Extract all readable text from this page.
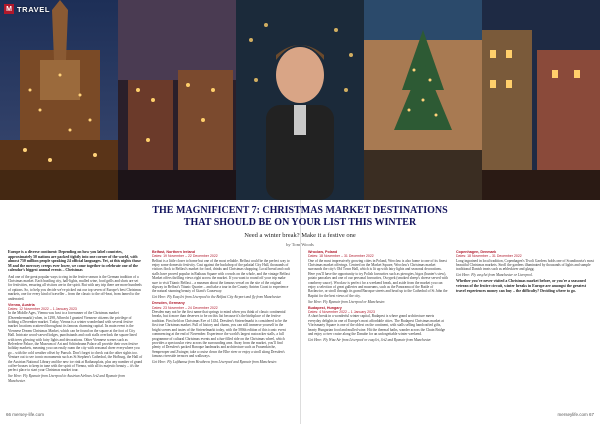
M TRAVEL
THE MAGNIFICENT 7: CHRISTMAS MARKET DESTINATIONS
THAT SHOULD BE ON YOUR LIST THIS WINTER
Need a winter break? Make it a festive one
by Tom Woods

Europe is a diverse continent: Depending on how you label countries, approximately 50 nations are packed tightly into one corner of the world, with almost 750 million people speaking 24 official languages. Yet, at this nights those M and the mercury creeps ever lower, we come together to celebrate one of the calendar's biggest annual events – Christmas

And one of the great popular ways to ring in the festive season is the German tradition of a Christmas market. Each bustling city, hall-lights, mulled wine, food grills and shots are set for festivities, ensuring all visitors are in the spirit. But with any trip there are more hundreds of options. So, to help you decide we've picked out our top seven of Europe's best Christmas markets, one for every kind of traveller – from the classic to the off-beat, from famed to the underrated.

Vienna, Austria
Dates: 12 November 2022 – 1 January 2023

In the Middle Ages, Vienna was host to a forerunner of the Christmas market (Dezembermarkt) when, in 1298, Albrecht I granted Viennese citizens the privilege of holding a December market. Today, Vienna is a winter wonderland with several festive market locations scattered throughout its famous charming capital. Its main event is the Viennese Dream Christmas Market, which can be found on the square at the foot of City Hall. Intricate wood-carved lodges, punchstands and craft stalls overlook the square lined with trees glowing with fairy lights and decorations. Other Viennese scenes such as Belvedere Palace, the Museum of Art and Schönbrunn Palace all provide their own festive holiday markets, meaning you can easily roam the city with seasonal cheer everywhere you go – with the cold weather offset by Punsch. Don't forget to check out the other sights too. Venture out to see iconic monuments such as St Stephen's Cathedral, the Hofburg, the Hall of the Austrian National Library and the new ice rink at Rathausplatz, plus any number of grand coffee-houses to keep in tune with the spirit of Vienna, with all its majestic beauty – it's the perfect place to start your Christmas market tour.

See Here: Fly Ryanair from Liverpool to Austrian Airlines Jet2 and Ryanair from Manchester.

Belfast, Northern Ireland
Dates: 19 November – 22 December 2022

Belfast is a little closer to home but one of the most reliable. Belfast could be the perfect way to enjoy some domestic festivity. Cast against the backdrop of the palatial City Hall, thousands of visitors flock to Belfast's market for food, drinks and Christmas shopping. Local bread and craft stalls have proved popular in Rathaus Square with crowds on the whole, and the vintage Belfast Market offers thrilling views right across the market. If you want to round off your trip make sure to visit Titanic Belfast – a museum about the famous vessel on the site of the original slipway in Belfast's Titanic Quarter – and take a tour in the County Antrim Coast to experience the natural stunning beauty of Giant's Causeway.

Get Here: Fly EasyJet from Liverpool to the Belfast City Airport and fly from Manchester.

Dresden, Germany
Dates: 23 November – 24 December 2022

Dresden may not be the first name that springs to mind when you think of classic continental breaks, but it more than deserves to be on this list because it's the birthplace of the festive tradition. First held on Christmas Eve of 1434, Dresden's Striezelmarkt is considered to be the first true Christmas market. Full of history and charm, you can still immerse yourself in the bright scenes and tastes of the Striezelmarkt today, with the 580th edition of this iconic event commencing at the end of November. Experience the world's largest nutcracker stalls, a full programme of cultural Christmas events and a fun-filled ride on the Christmas wheel, which provides a spectacular view across the surrounding area. Away from the market, you'll find plenty of Dresden's packed Baroque landmarks and architecture such as Frauenkirche, Semperoper and Zwinger, take a cruise down the Elbe river or enjoy a stroll along Dresden's famous riverside terraces and walkways.

Get Here: Fly Lufthansa from Heathrow from Liverpool and Ryanair from Manchester.

Wroclaw, Poland
Dates: 18 November – 31 December 2022

One of the most impressively growing cities in Poland, Wroclaw is also home to one of its finest Christmas market offerings. Centred on the Market Square, Wroclaw's Christmas market surrounds the city's Old Town Hall, which is lit up with fairy lights and seasonal decorations. Here you'll have the opportunity to try Polish favourites such as pierogies, bigos (hunter's stew), potato pancakes and one of our personal favourites, Oscypek (smoked sheep's cheese served with cranberry sauce). Wroclaw is perfect for a weekend break, and aside from the market you can enjoy a selection of great galleries and museums, such as the Panorama of the Battle of Racławice, or stroll through its grand Baroque streets and head up to the Cathedral of St John the Baptist for the best views of the city.

See Here: Fly Ryanair from Liverpool or Manchester.

Budapest, Hungary
Dates: 4 November 2022 – 1 January 2023

A short break in a wonderful winter capital, Budapest is where grand architecture meets everyday delights in one of Europe's most affordable cities. The Budapest Christmas market at Vörösmarty Square is one of the oldest on the continent, with stalls selling handcrafted gifts, hearty Hungarian food and mulled wine. Hit the thermal baths, wander across the Chain Bridge and enjoy a river cruise along the Danube for an unforgettable winter weekend.

Get Here: Fly Wizz Air from Liverpool or easyJet, Jet2 and Ryanair from Manchester.

Copenhagen, Denmark
Dates: 18 November – 31 December 2022

Long ingrained in local tradition, Copenhagen's Tivoli Gardens holds one of Scandinavia's most beautiful Christmas markets. Stroll the gardens illuminated by thousands of lights and sample traditional Danish treats such as æbleskiver and gløgg.

Get Here: Fly easyJet from Manchester or Liverpool.

Whether you've never visited a Christmas market before, or you're a seasoned veteran of the festive circuit, winter breaks in Europe are amongst the greatest travel experiences money can buy – the difficulty? Deciding where to go.

66 mersey-life.com	merseylife.com 67
